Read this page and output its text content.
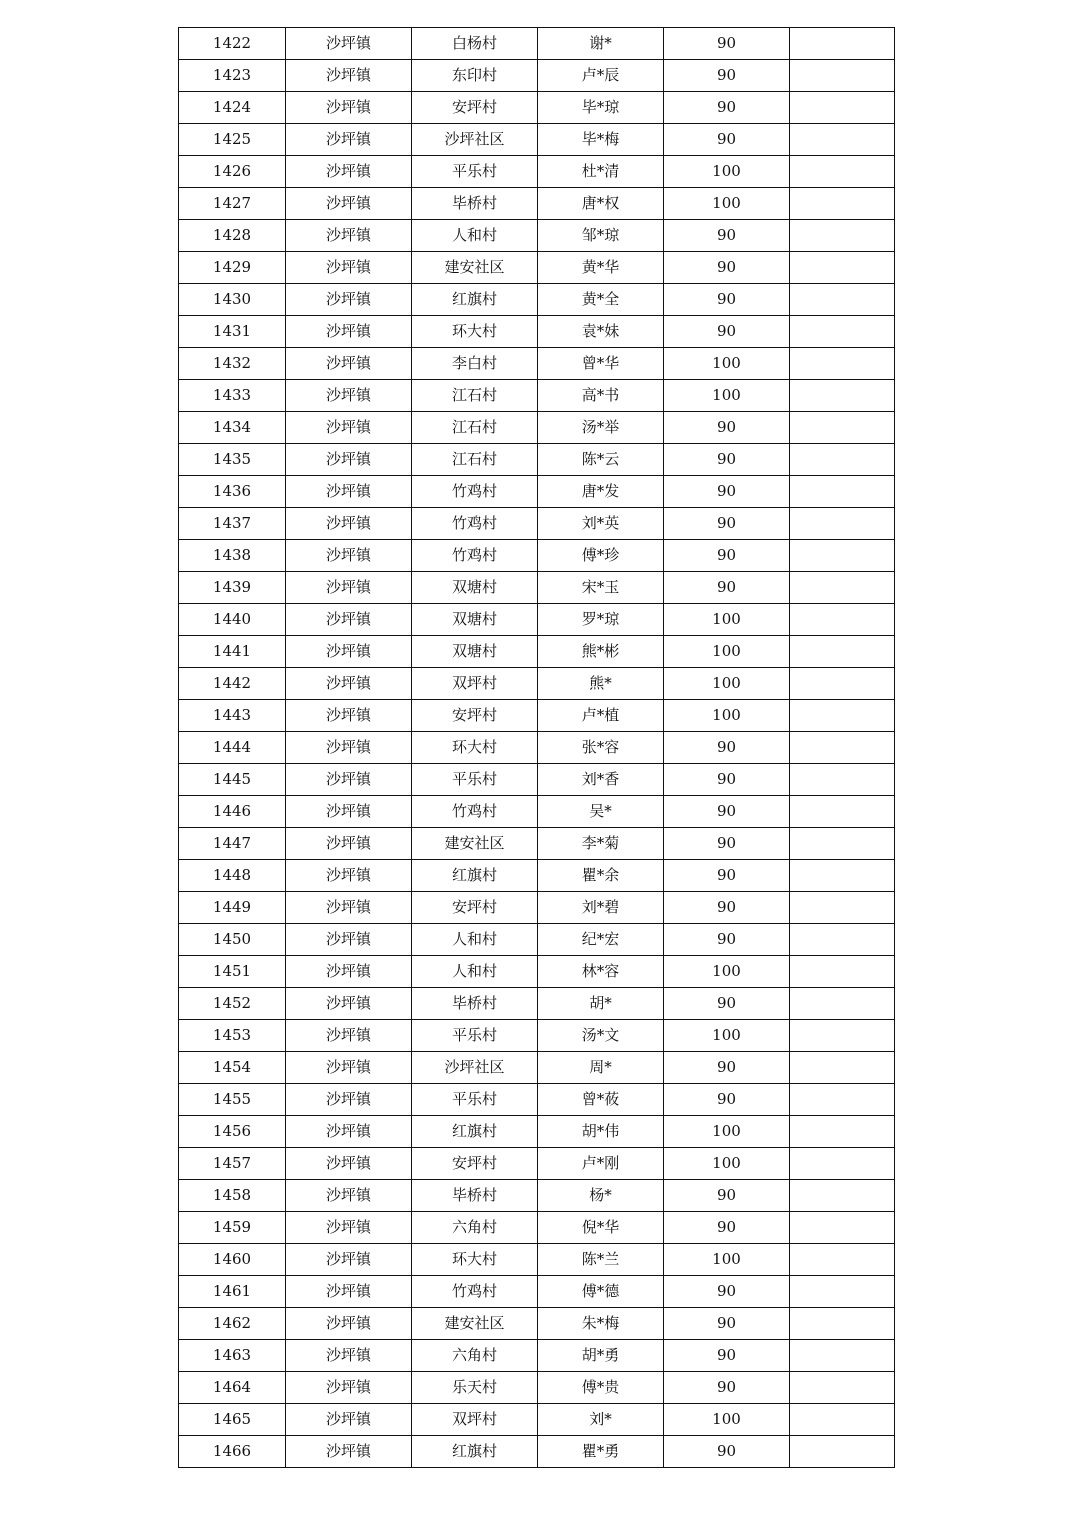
1422	沙坪镇	白杨村	谢*	90	
1423	沙坪镇	东印村	卢*辰	90	
1424	沙坪镇	安坪村	毕*琼	90	
1425	沙坪镇	沙坪社区	毕*梅	90	
1426	沙坪镇	平乐村	杜*清	100	
1427	沙坪镇	毕桥村	唐*权	100	
1428	沙坪镇	人和村	邹*琼	90	
1429	沙坪镇	建安社区	黄*华	90	
1430	沙坪镇	红旗村	黄*全	90	
1431	沙坪镇	环大村	袁*妹	90	
1432	沙坪镇	李白村	曾*华	100	
1433	沙坪镇	江石村	高*书	100	
1434	沙坪镇	江石村	汤*举	90	
1435	沙坪镇	江石村	陈*云	90	
1436	沙坪镇	竹鸡村	唐*发	90	
1437	沙坪镇	竹鸡村	刘*英	90	
1438	沙坪镇	竹鸡村	傅*珍	90	
1439	沙坪镇	双塘村	宋*玉	90	
1440	沙坪镇	双塘村	罗*琼	100	
1441	沙坪镇	双塘村	熊*彬	100	
1442	沙坪镇	双坪村	熊*	100	
1443	沙坪镇	安坪村	卢*植	100	
1444	沙坪镇	环大村	张*容	90	
1445	沙坪镇	平乐村	刘*香	90	
1446	沙坪镇	竹鸡村	吴*	90	
1447	沙坪镇	建安社区	李*菊	90	
1448	沙坪镇	红旗村	瞿*余	90	
1449	沙坪镇	安坪村	刘*碧	90	
1450	沙坪镇	人和村	纪*宏	90	
1451	沙坪镇	人和村	林*容	100	
1452	沙坪镇	毕桥村	胡*	90	
1453	沙坪镇	平乐村	汤*文	100	
1454	沙坪镇	沙坪社区	周*	90	
1455	沙坪镇	平乐村	曾*莜	90	
1456	沙坪镇	红旗村	胡*伟	100	
1457	沙坪镇	安坪村	卢*刚	100	
1458	沙坪镇	毕桥村	杨*	90	
1459	沙坪镇	六角村	倪*华	90	
1460	沙坪镇	环大村	陈*兰	100	
1461	沙坪镇	竹鸡村	傅*德	90	
1462	沙坪镇	建安社区	朱*梅	90	
1463	沙坪镇	六角村	胡*勇	90	
1464	沙坪镇	乐天村	傅*贵	90	
1465	沙坪镇	双坪村	刘*	100	
1466	沙坪镇	红旗村	瞿*勇	90	
